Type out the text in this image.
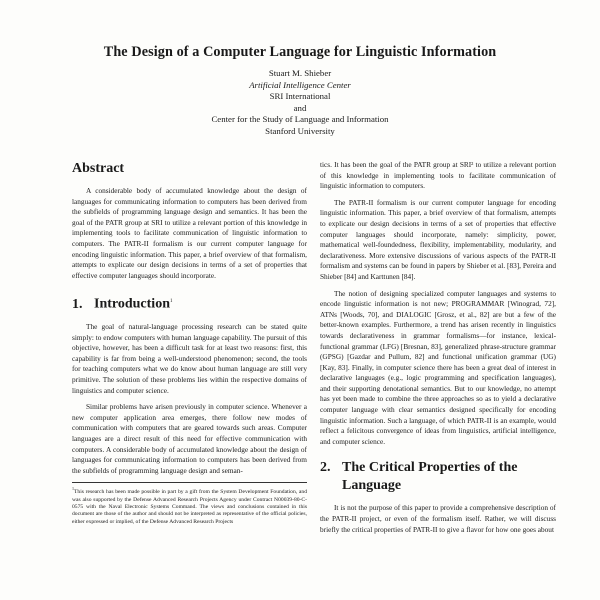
The Design of a Computer Language for Linguistic Information
Stuart M. Shieber
Artificial Intelligence Center
SRI International
and
Center for the Study of Language and Information
Stanford University
Abstract

A considerable body of accumulated knowledge about the design of languages for communicating information to computers has been derived from the subfields of programming language design and semantics. It has been the goal of the PATR group at SRI to utilize a relevant portion of this knowledge in implementing tools to facilitate communication of linguistic information to computers. The PATR-II formalism is our current computer language for encoding linguistic information. This paper, a brief overview of that formalism, attempts to explicate our design decisions in terms of a set of properties that effective computer languages should incorporate.

1. Introduction$^1$

The goal of natural-language processing research can be stated quite simply: to endow computers with human language capability. The pursuit of this objective, however, has been a difficult task for at least two reasons: first, this capability is far from being a well-understood phenomenon; second, the tools for teaching computers what we do know about human language are still very primitive. The solution of these problems lies within the respective domains of linguistics and computer science.

Similar problems have arisen previously in computer science. Whenever a new computer application area emerges, there follow new modes of communication with computers that are geared towards such areas. Computer languages are a direct result of this need for effective communication with computers. A considerable body of accumulated knowledge about the design of languages for communicating information to computers has been derived from the subfields of programming language design and seman-

$^1$This research has been made possible in part by a gift from the System Development Foundation, and was also supported by the Defense Advanced Research Projects Agency under Contract N00039-80-C-0575 with the Naval Electronic Systems Command. The views and conclusions contained in this document are those of the author and should not be interpreted as representative of the official policies, either expressed or implied, of the Defense Advanced Research Projects

tics. It has been the goal of the PATR group at SRI² to utilize a relevant portion of this knowledge in implementing tools to facilitate communication of linguistic information to computers.

The PATR-II formalism is our current computer language for encoding linguistic information. This paper, a brief overview of that formalism, attempts to explicate our design decisions in terms of a set of properties that effective computer languages should incorporate, namely: simplicity, power, mathematical well-foundedness, flexibility, implementability, modularity, and declarativeness. More extensive discussions of various aspects of the PATR-II formalism and systems can be found in papers by Shieber et al. [83], Pereira and Shieber [84] and Karttunen [84].

The notion of designing specialized computer languages and systems to encode linguistic information is not new; PROGRAMMAR [Winograd, 72], ATNs [Woods, 70], and DIALOGIC [Grosz, et al., 82] are but a few of the better-known examples. Furthermore, a trend has arisen recently in linguistics towards declarativeness in grammar formalisms—for instance, lexical-functional grammar (LFG) [Bresnan, 83], generalized phrase-structure grammar (GPSG) [Gazdar and Pullum, 82] and functional unification grammar (UG) [Kay, 83]. Finally, in computer science there has been a great deal of interest in declarative languages (e.g., logic programming and specification languages), and their supporting denotational semantics. But to our knowledge, no attempt has yet been made to combine the three approaches so as to yield a declarative computer language with clear semantics designed specifically for encoding linguistic information. Such a language, of which PATR-II is an example, would reflect a felicitous convergence of ideas from linguistics, artificial intelligence, and computer science.

2. The Critical Properties of the
Language

It is not the purpose of this paper to provide a comprehensive description of the PATR-II project, or even of the formalism itself. Rather, we will discuss briefly the critical properties of PATR-II to give a flavor for how one goes about
